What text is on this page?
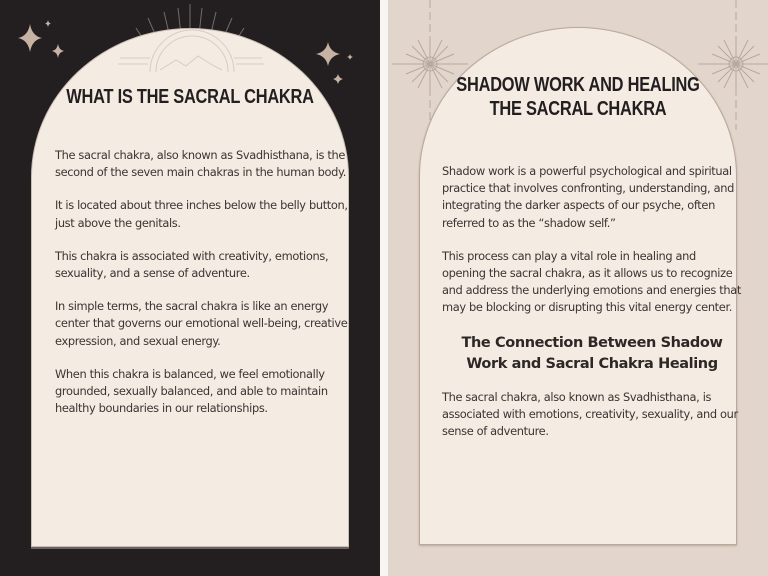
WHAT IS THE SACRAL CHAKRA

The sacral chakra, also known as Svadhisthana, is the second of the seven main chakras in the human body.

It is located about three inches below the belly button, just above the genitals.

This chakra is associated with creativity, emotions, sexuality, and a sense of adventure.

In simple terms, the sacral chakra is like an energy center that governs our emotional well-being, creative expression, and sexual energy.

When this chakra is balanced, we feel emotionally grounded, sexually balanced, and able to maintain healthy boundaries in our relationships.

SHADOW WORK AND HEALING
THE SACRAL CHAKRA

Shadow work is a powerful psychological and spiritual practice that involves confronting, understanding, and integrating the darker aspects of our psyche, often referred to as the “shadow self.”

This process can play a vital role in healing and opening the sacral chakra, as it allows us to recognize and address the underlying emotions and energies that may be blocking or disrupting this vital energy center.

The Connection Between Shadow Work and Sacral Chakra Healing

The sacral chakra, also known as Svadhisthana, is associated with emotions, creativity, sexuality, and our sense of adventure.
